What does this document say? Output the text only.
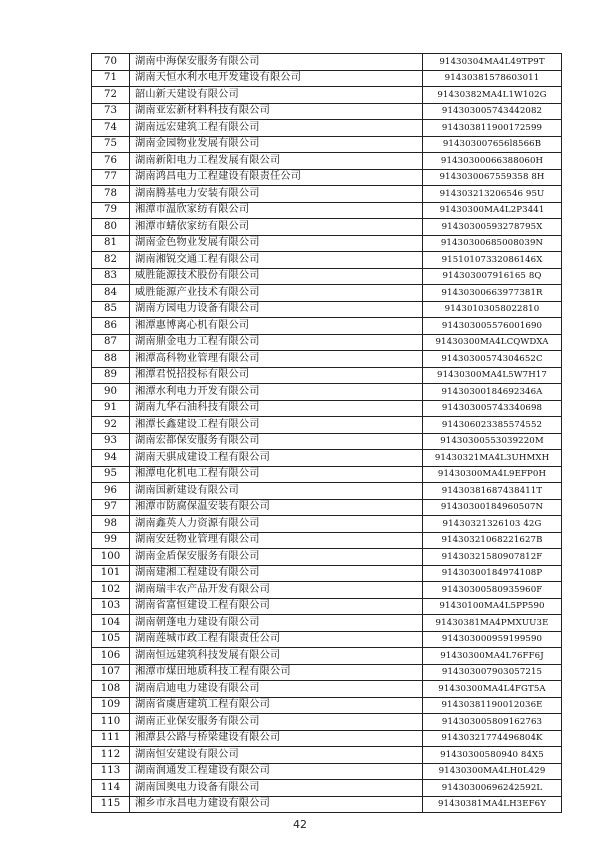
70	湖南中海保安服务有限公司	91430304MA4L49TP9T
71	湖南天恒水利水电开发建设有限公司	91430381578603011
72	韶山新天建设有限公司	91430382MA4L1W102G
73	湖南亚宏新材料科技有限公司	914303005743442082
74	湖南远宏建筑工程有限公司	914303811900172599
75	湖南金园物业发展有限公司	914303007656l8566B
76	湖南新阳电力工程发展有限公司	91430300066388060H
77	湖南鸿昌电力工程建设有限责任公司	9143030067559358 8H
78	湖南腾基电力安装有限公司	914303213206546 95U
79	湘潭市温欣家纺有限公司	91430300MA4L2P3441
80	湘潭市蜻依家纺有限公司	91430300593278795X
81	湖南金色物业发展有限公司	91430300685008039N
82	湖南湘锐交通工程有限公司	91510107332086146X
83	威胜能源技术股份有限公司	914303007916165 8Q
84	威胜能源产业技术有限公司	91430300663977381R
85	湖南方园电力设备有限公司	91430103058022810
86	湘潭惠博离心机有限公司	914303005576001690
87	湖南鼎金电力工程有限公司	91430300MA4LCQWDXA
88	湘潭高科物业管理有限公司	91430300574304652C
89	湘潭君悦招投标有限公司	91430300MA4L5W7H17
90	湘潭水利电力开发有限公司	91430300184692346A
91	湖南九华石油科技有限公司	914303005743340698
92	湘潭长鑫建设工程有限公司	914306023385574552
93	湖南宏都保安服务有限公司	91430300553039220M
94	湖南天骐成建设工程有限公司	91430321MA4L3UHMXH
95	湘潭电化机电工程有限公司	91430300MA4L9EFP0H
96	湖南国新建设有限公司	91430381687438411T
97	湘潭市防腐保温安装有限公司	91430300184960507N
98	湖南鑫英人力资源有限公司	91430321326103 42G
99	湖南安廷物业管理有限公司	91430321068221627B
100	湖南金盾保安服务有限公司	91430321580907812F
101	湖南建湘工程建设有限公司	91430300184974108P
102	湖南瑞丰农产品开发有限公司	91430300580935960F
103	湖南省富恒建设工程有限公司	91430100MA4L5PP590
104	湖南朝蓬电力建设有限公司	91430381MA4PMXUU3E
105	湖南莲城市政工程有限责任公司	914303000959199590
106	湖南恒远建筑科技发展有限公司	91430300MA4L76FF6J
107	湘潭市煤田地质科技工程有限公司	914303007903057215
108	湖南启迪电力建设有限公司	91430300MA4L4FGT5A
109	湖南省虞唐建筑工程有限公司	91430381190012036E
110	湖南正业保安服务有限公司	914303005809162763
111	湘潭县公路与桥梁建设有限公司	91430321774496804K
112	湖南恒安建设有限公司	91430300580940 84X5
113	湖南润通发工程建设有限公司	91430300MA4LH0L429
114	湖南国奥电力设备有限公司	91430300696242592L
115	湘乡市永昌电力建设有限公司	91430381MA4LH3EF6Y
42
